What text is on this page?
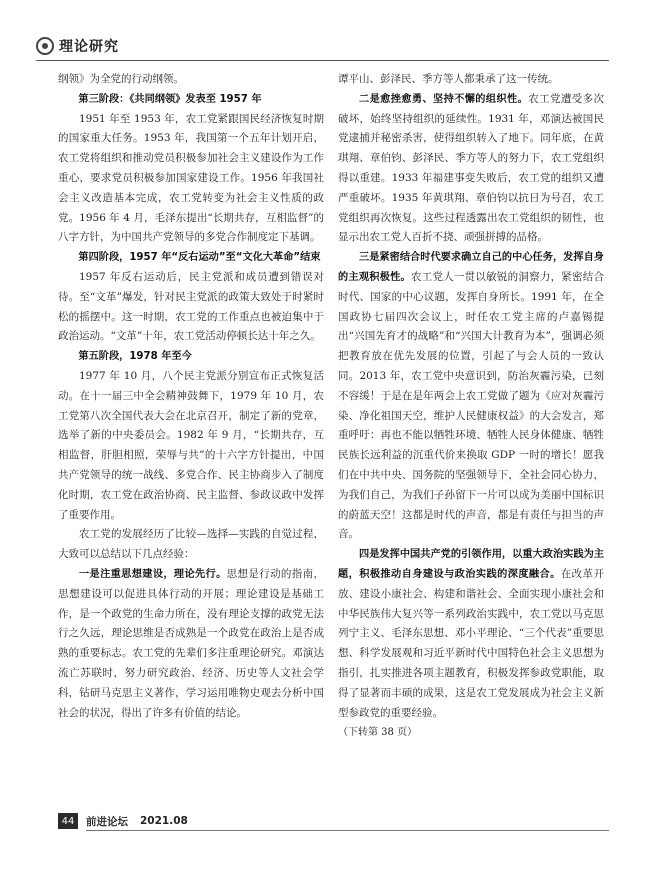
理论研究

纲领》为全党的行动纲领。

第三阶段：《共同纲领》发表至 1957 年

1951 年至 1953 年，农工党紧跟国民经济恢复时期的国家重大任务。1953 年，我国第一个五年计划开启，农工党将组织和推动党员积极参加社会主义建设作为工作重心，要求党员积极参加国家建设工作。1956 年我国社会主义改造基本完成，农工党转变为社会主义性质的政党。1956 年 4 月，毛泽东提出“长期共存，互相监督”的八字方针，为中国共产党领导的多党合作制度定下基调。

第四阶段，1957 年“反右运动”至“文化大革命”结束

1957 年反右运动后，民主党派和成员遭到错误对待。至“文革”爆发，针对民主党派的政策大致处于时紧时松的摇摆中。这一时期，农工党的工作重点也被迫集中于政治运动。“文革”十年，农工党活动停顿长达十年之久。

第五阶段，1978 年至今

1977 年 10 月，八个民主党派分别宣布正式恢复活动。在十一届三中全会精神鼓舞下，1979 年 10 月，农工党第八次全国代表大会在北京召开，制定了新的党章，选举了新的中央委员会。1982 年 9 月，“长期共存，互相监督，肝胆相照，荣辱与共”的十六字方针提出，中国共产党领导的统一战线、多党合作、民主协商步入了制度化时期，农工党在政治协商、民主监督、参政议政中发挥了重要作用。

农工党的发展经历了比较—选择—实践的自觉过程，大致可以总结以下几点经验：

一是注重思想建设，理论先行。思想是行动的指南，思想建设可以促进具体行动的开展；理论建设是基础工作，是一个政党的生命力所在，没有理论支撑的政党无法行之久远，理论思维是否成熟是一个政党在政治上是否成熟的重要标志。农工党的先辈们多注重理论研究。邓演达流亡苏联时，努力研究政治、经济、历史等人文社会学科，钻研马克思主义著作，学习运用唯物史观去分析中国社会的状况，得出了许多有价值的结论。

谭平山、彭泽民、季方等人都秉承了这一传统。

二是愈挫愈勇、坚持不懈的组织性。农工党遭受多次破坏，始终坚持组织的延续性。1931 年，邓演达被国民党逮捕并秘密杀害，使得组织转入了地下。同年底，在黄琪翔、章伯钧、彭泽民、季方等人的努力下，农工党组织得以重建。1933 年福建事变失败后，农工党的组织又遭严重破坏。1935 年黄琪翔、章伯钧以抗日为号召，农工党组织再次恢复。这些过程透露出农工党组织的韧性，也显示出农工党人百折不挠、顽强拼搏的品格。

三是紧密结合时代要求确立自己的中心任务，发挥自身的主观积极性。农工党人一贯以敏锐的洞察力，紧密结合时代、国家的中心议题，发挥自身所长。1991 年，在全国政协七届四次会议上，时任农工党主席的卢嘉锡提出“兴国先育才的战略”和“兴国大计教育为本”，强调必须把教育放在优先发展的位置，引起了与会人员的一致认同。2013 年，农工党中央意识到，防治灰霾污染，已刻不容缓！于是在是年两会上农工党做了题为《应对灰霾污染、净化祖国天空，维护人民健康权益》的大会发言，郑重呼吁：再也不能以牺牲环境、牺牲人民身体健康、牺牲民族长远利益的沉重代价来换取 GDP 一时的增长！愿我们在中共中央、国务院的坚强领导下，全社会同心协力，为我们自己，为我们子孙留下一片可以成为美丽中国标识的蔚蓝天空！这都是时代的声音，都是有责任与担当的声音。

四是发挥中国共产党的引领作用，以重大政治实践为主题，积极推动自身建设与政治实践的深度融合。在改革开放、建设小康社会、构建和谐社会、全面实现小康社会和中华民族伟大复兴等一系列政治实践中，农工党以马克思列宁主义、毛泽东思想、邓小平理论、“三个代表”重要思想、科学发展观和习近平新时代中国特色社会主义思想为指引，扎实推进各项主题教育，积极发挥参政党职能，取得了显著而丰硕的成果，这是农工党发展成为社会主义新型参政党的重要经验。

（下转第 38 页）

44	前进论坛 2021.08
